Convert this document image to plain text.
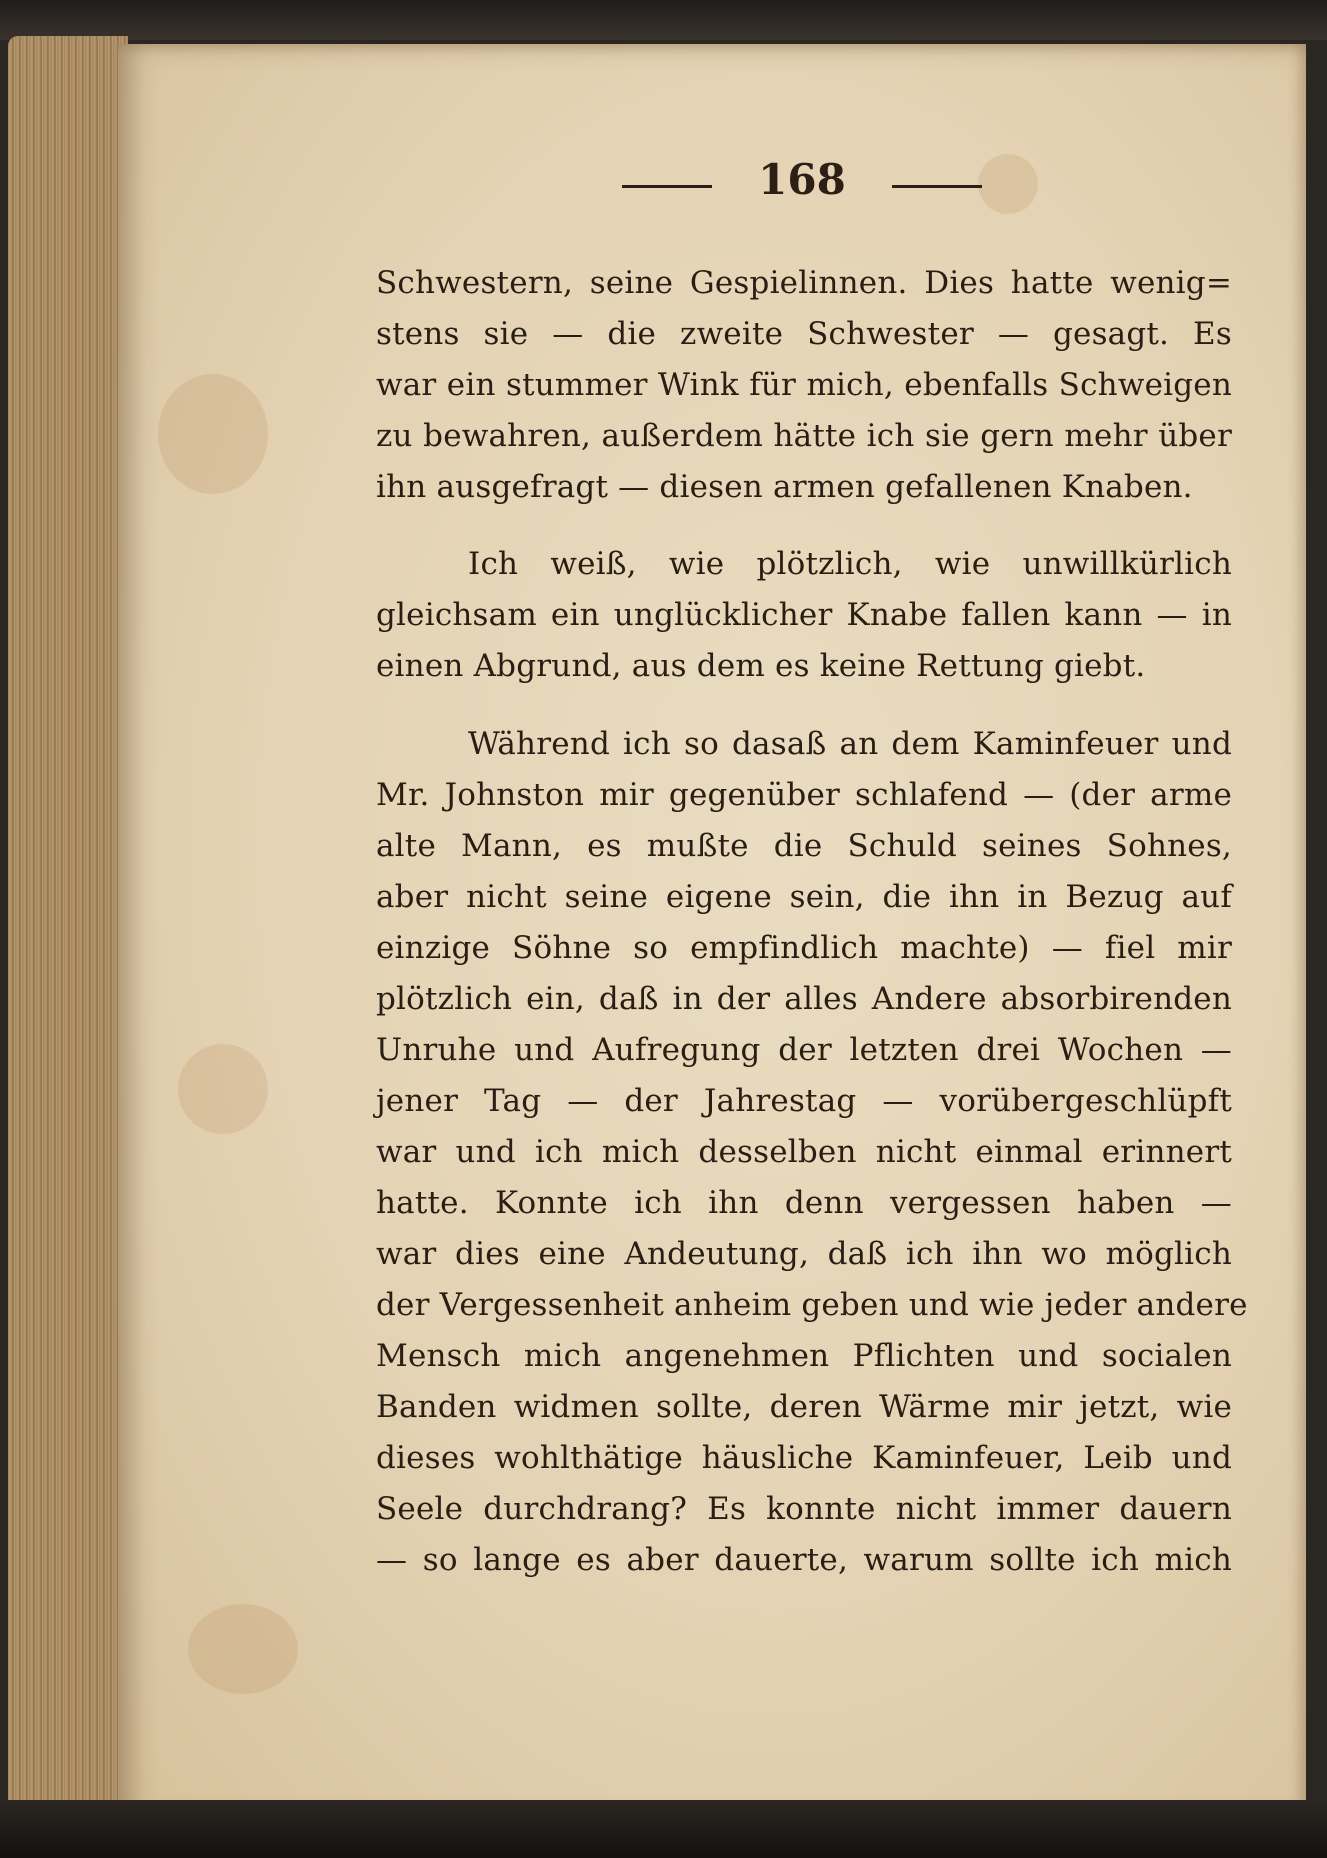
168
Schwestern, seine Gespielinnen. Dies hatte wenig=
stens sie — die zweite Schwester — gesagt. Es
war ein stummer Wink für mich, ebenfalls Schweigen
zu bewahren, außerdem hätte ich sie gern mehr über
ihn ausgefragt — diesen armen gefallenen Knaben.
Ich weiß, wie plötzlich, wie unwillkürlich
gleichsam ein unglücklicher Knabe fallen kann — in
einen Abgrund, aus dem es keine Rettung giebt.
Während ich so dasaß an dem Kaminfeuer und
Mr. Johnston mir gegenüber schlafend — (der arme
alte Mann, es mußte die Schuld seines Sohnes,
aber nicht seine eigene sein, die ihn in Bezug auf
einzige Söhne so empfindlich machte) — fiel mir
plötzlich ein, daß in der alles Andere absorbirenden
Unruhe und Aufregung der letzten drei Wochen —
jener Tag — der Jahrestag — vorübergeschlüpft
war und ich mich desselben nicht einmal erinnert
hatte. Konnte ich ihn denn vergessen haben —
war dies eine Andeutung, daß ich ihn wo möglich
der Vergessenheit anheim geben und wie jeder andere
Mensch mich angenehmen Pflichten und socialen
Banden widmen sollte, deren Wärme mir jetzt, wie
dieses wohlthätige häusliche Kaminfeuer, Leib und
Seele durchdrang? Es konnte nicht immer dauern
— so lange es aber dauerte, warum sollte ich mich
